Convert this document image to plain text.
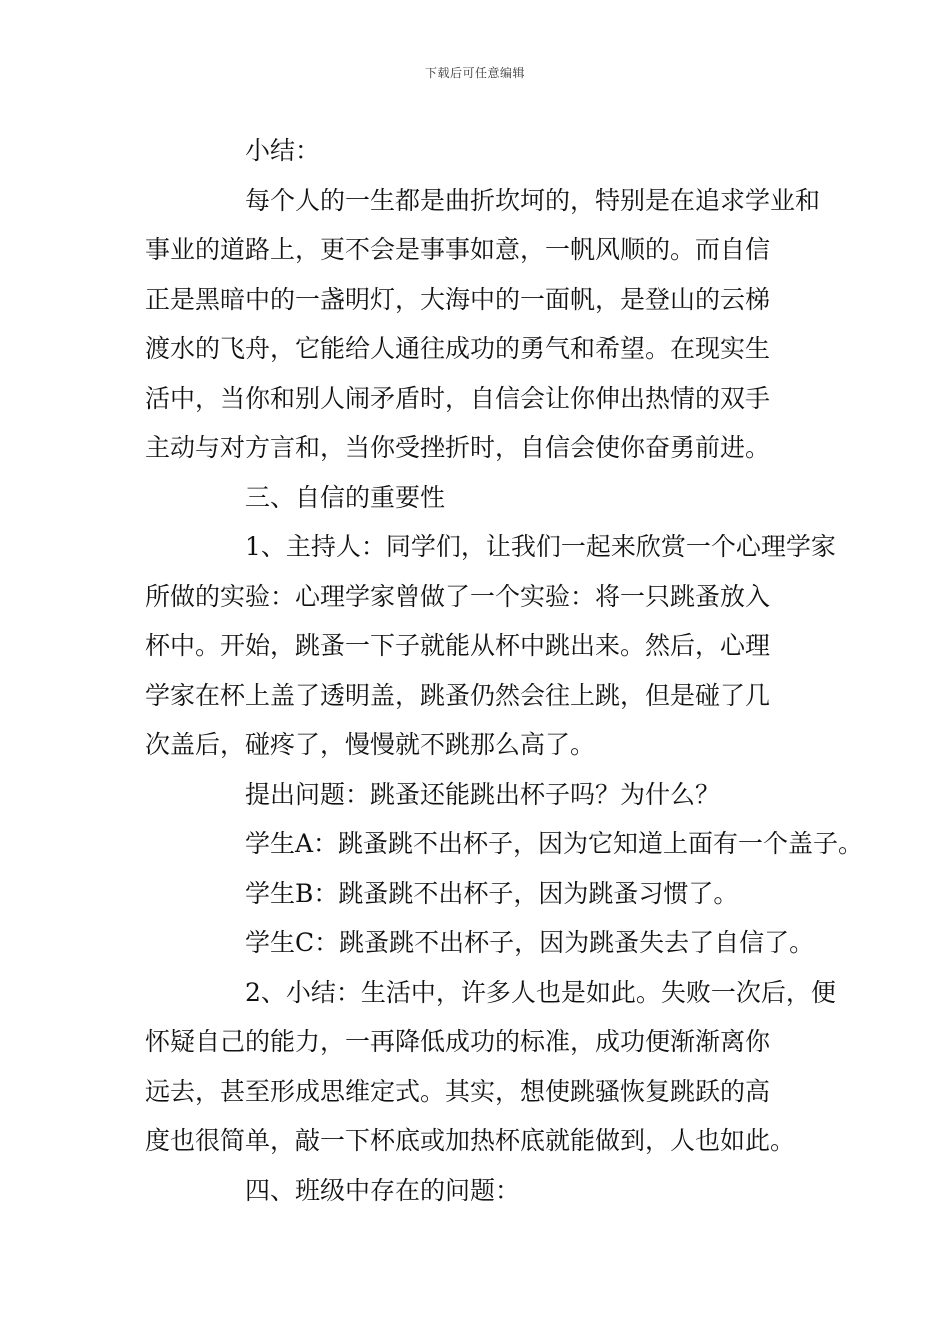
下载后可任意编辑
小结：
每个人的一生都是曲折坎坷的，特别是在追求学业和
事业的道路上，更不会是事事如意，一帆风顺的。而自信
正是黑暗中的一盏明灯，大海中的一面帆，是登山的云梯
渡水的飞舟，它能给人通往成功的勇气和希望。在现实生
活中，当你和别人闹矛盾时，自信会让你伸出热情的双手
主动与对方言和，当你受挫折时，自信会使你奋勇前进。
三、自信的重要性
1、主持人：同学们，让我们一起来欣赏一个心理学家
所做的实验：心理学家曾做了一个实验：将一只跳蚤放入
杯中。开始，跳蚤一下子就能从杯中跳出来。然后，心理
学家在杯上盖了透明盖，跳蚤仍然会往上跳，但是碰了几
次盖后，碰疼了，慢慢就不跳那么高了。
提出问题：跳蚤还能跳出杯子吗？为什么？
学生A：跳蚤跳不出杯子，因为它知道上面有一个盖子。
学生B：跳蚤跳不出杯子，因为跳蚤习惯了。
学生C：跳蚤跳不出杯子，因为跳蚤失去了自信了。
2、小结：生活中，许多人也是如此。失败一次后，便
怀疑自己的能力，一再降低成功的标准，成功便渐渐离你
远去，甚至形成思维定式。其实，想使跳骚恢复跳跃的高
度也很简单，敲一下杯底或加热杯底就能做到，人也如此。
四、班级中存在的问题：
